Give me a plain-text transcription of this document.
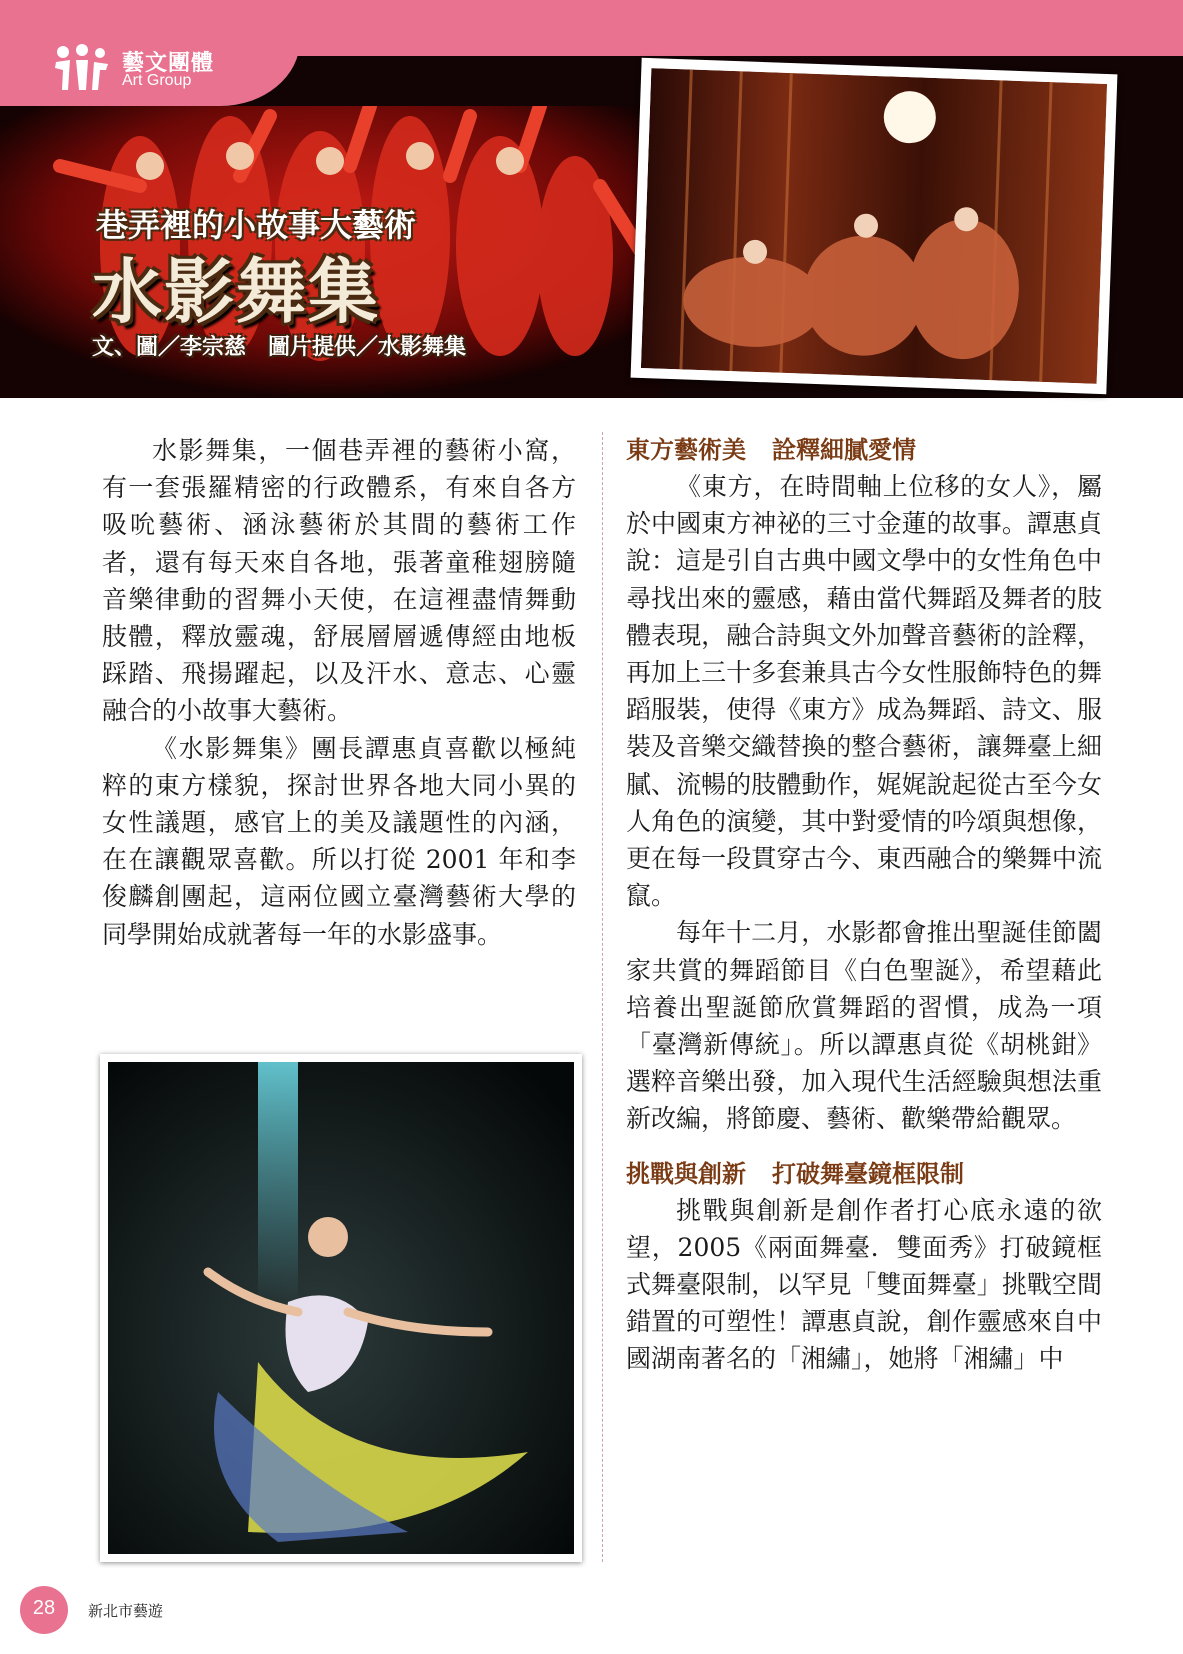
藝文團體
Art Group
巷弄裡的小故事大藝術
水影舞集
文、圖／李宗慈　圖片提供／水影舞集

水影舞集，一個巷弄裡的藝術小窩，有一套張羅精密的行政體系，有來自各方吸吮藝術、涵泳藝術於其間的藝術工作者，還有每天來自各地，張著童稚翅膀隨音樂律動的習舞小天使，在這裡盡情舞動肢體，釋放靈魂，舒展層層遞傳經由地板踩踏、飛揚躍起，以及汗水、意志、心靈融合的小故事大藝術。

《水影舞集》團長譚惠貞喜歡以極純粹的東方樣貌，探討世界各地大同小異的女性議題，感官上的美及議題性的內涵，在在讓觀眾喜歡。所以打從 2001 年和李俊麟創團起，這兩位國立臺灣藝術大學的同學開始成就著每一年的水影盛事。

東方藝術美 詮釋細膩愛情

《東方，在時間軸上位移的女人》，屬於中國東方神祕的三寸金蓮的故事。譚惠貞說：這是引自古典中國文學中的女性角色中尋找出來的靈感，藉由當代舞蹈及舞者的肢體表現，融合詩與文外加聲音藝術的詮釋，再加上三十多套兼具古今女性服飾特色的舞蹈服裝，使得《東方》成為舞蹈、詩文、服裝及音樂交織替換的整合藝術，讓舞臺上細膩、流暢的肢體動作，娓娓說起從古至今女人角色的演變，其中對愛情的吟頌與想像，更在每一段貫穿古今、東西融合的樂舞中流竄。

每年十二月，水影都會推出聖誕佳節闔家共賞的舞蹈節目《白色聖誕》，希望藉此培養出聖誕節欣賞舞蹈的習慣，成為一項「臺灣新傳統」。所以譚惠貞從《胡桃鉗》選粹音樂出發，加入現代生活經驗與想法重新改編，將節慶、藝術、歡樂帶給觀眾。

挑戰與創新 打破舞臺鏡框限制

挑戰與創新是創作者打心底永遠的欲望，2005《兩面舞臺．雙面秀》打破鏡框式舞臺限制，以罕見「雙面舞臺」挑戰空間錯置的可塑性！譚惠貞說，創作靈感來自中國湖南著名的「湘繡」，她將「湘繡」中

28	新北市藝遊
